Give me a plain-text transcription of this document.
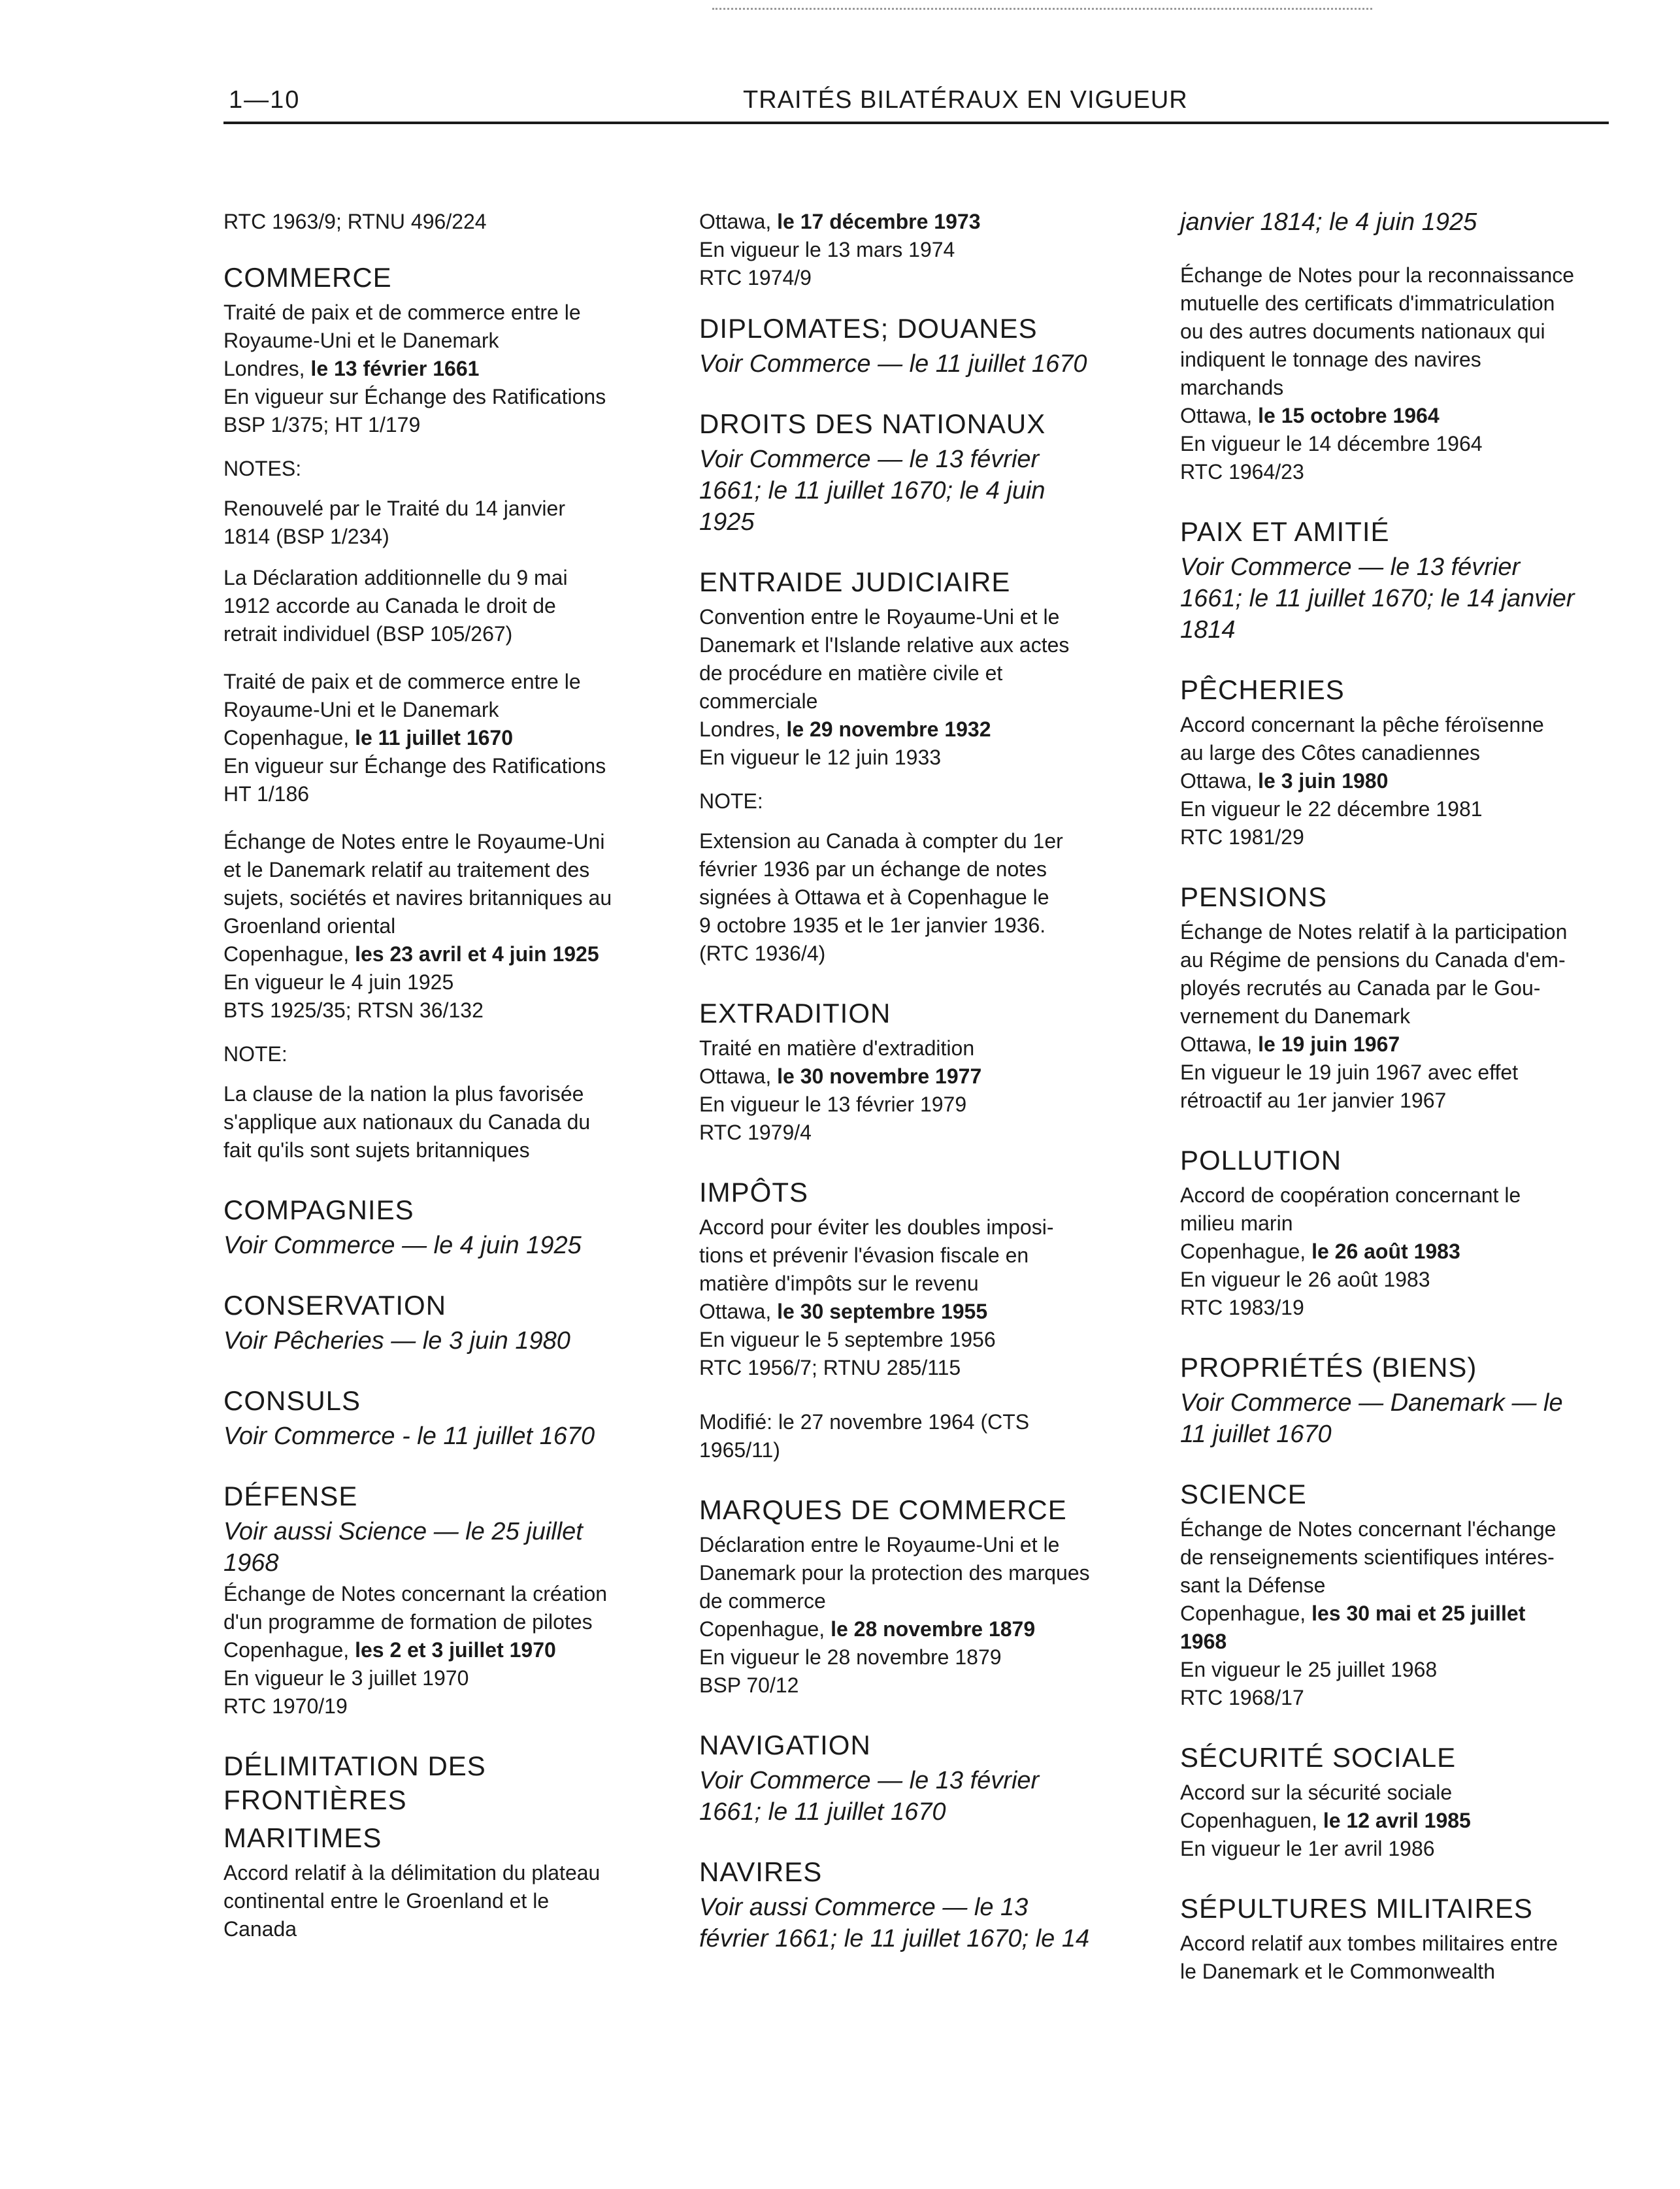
1—10	TRAITÉS BILATÉRAUX EN VIGUEUR

RTC 1963/9; RTNU 496/224

COMMERCE

Traité de paix et de commerce entre le

Royaume-Uni et le Danemark

Londres, le 13 février 1661

En vigueur sur Échange des Ratifications

BSP 1/375; HT 1/179

NOTES:

Renouvelé par le Traité du 14 janvier

1814 (BSP 1/234)

La Déclaration additionnelle du 9 mai

1912 accorde au Canada le droit de

retrait individuel (BSP 105/267)

Traité de paix et de commerce entre le

Royaume-Uni et le Danemark

Copenhague, le 11 juillet 1670

En vigueur sur Échange des Ratifications

HT 1/186

Échange de Notes entre le Royaume-Uni

et le Danemark relatif au traitement des

sujets, sociétés et navires britanniques au

Groenland oriental

Copenhague, les 23 avril et 4 juin 1925

En vigueur le 4 juin 1925

BTS 1925/35; RTSN 36/132

NOTE:

La clause de la nation la plus favorisée

s'applique aux nationaux du Canada du

fait qu'ils sont sujets britanniques

COMPAGNIES

Voir Commerce — le 4 juin 1925

CONSERVATION

Voir Pêcheries — le 3 juin 1980

CONSULS

Voir Commerce - le 11 juillet 1670

DÉFENSE

Voir aussi Science — le 25 juillet

1968

Échange de Notes concernant la création

d'un programme de formation de pilotes

Copenhague, les 2 et 3 juillet 1970

En vigueur le 3 juillet 1970

RTC 1970/19

DÉLIMITATION DES FRONTIÈRES
MARITIMES

Accord relatif à la délimitation du plateau

continental entre le Groenland et le

Canada

Ottawa, le 17 décembre 1973

En vigueur le 13 mars 1974

RTC 1974/9

DIPLOMATES; DOUANES

Voir Commerce — le 11 juillet 1670

DROITS DES NATIONAUX

Voir Commerce — le 13 février

1661; le 11 juillet 1670; le 4 juin

1925

ENTRAIDE JUDICIAIRE

Convention entre le Royaume-Uni et le

Danemark et l'Islande relative aux actes

de procédure en matière civile et

commerciale

Londres, le 29 novembre 1932

En vigueur le 12 juin 1933

NOTE:

Extension au Canada à compter du 1er

février 1936 par un échange de notes

signées à Ottawa et à Copenhague le

9 octobre 1935 et le 1er janvier 1936.

(RTC 1936/4)

EXTRADITION

Traité en matière d'extradition

Ottawa, le 30 novembre 1977

En vigueur le 13 février 1979

RTC 1979/4

IMPÔTS

Accord pour éviter les doubles imposi-

tions et prévenir l'évasion fiscale en

matière d'impôts sur le revenu

Ottawa, le 30 septembre 1955

En vigueur le 5 septembre 1956

RTC 1956/7; RTNU 285/115

Modifié: le 27 novembre 1964 (CTS

1965/11)

MARQUES DE COMMERCE

Déclaration entre le Royaume-Uni et le

Danemark pour la protection des marques

de commerce

Copenhague, le 28 novembre 1879

En vigueur le 28 novembre 1879

BSP 70/12

NAVIGATION

Voir Commerce — le 13 février

1661; le 11 juillet 1670

NAVIRES

Voir aussi Commerce — le 13

février 1661; le 11 juillet 1670; le 14

janvier 1814; le 4 juin 1925

Échange de Notes pour la reconnaissance

mutuelle des certificats d'immatriculation

ou des autres documents nationaux qui

indiquent le tonnage des navires

marchands

Ottawa, le 15 octobre 1964

En vigueur le 14 décembre 1964

RTC 1964/23

PAIX ET AMITIÉ

Voir Commerce — le 13 février

1661; le 11 juillet 1670; le 14 janvier

1814

PÊCHERIES

Accord concernant la pêche féroïsenne

au large des Côtes canadiennes

Ottawa, le 3 juin 1980

En vigueur le 22 décembre 1981

RTC 1981/29

PENSIONS

Échange de Notes relatif à la participation

au Régime de pensions du Canada d'em-

ployés recrutés au Canada par le Gou-

vernement du Danemark

Ottawa, le 19 juin 1967

En vigueur le 19 juin 1967 avec effet

rétroactif au 1er janvier 1967

POLLUTION

Accord de coopération concernant le

milieu marin

Copenhague, le 26 août 1983

En vigueur le 26 août 1983

RTC 1983/19

PROPRIÉTÉS (BIENS)

Voir Commerce — Danemark — le

11 juillet 1670

SCIENCE

Échange de Notes concernant l'échange

de renseignements scientifiques intéres-

sant la Défense

Copenhague, les 30 mai et 25 juillet

1968

En vigueur le 25 juillet 1968

RTC 1968/17

SÉCURITÉ SOCIALE

Accord sur la sécurité sociale

Copenhaguen, le 12 avril 1985

En vigueur le 1er avril 1986

SÉPULTURES MILITAIRES

Accord relatif aux tombes militaires entre

le Danemark et le Commonwealth
